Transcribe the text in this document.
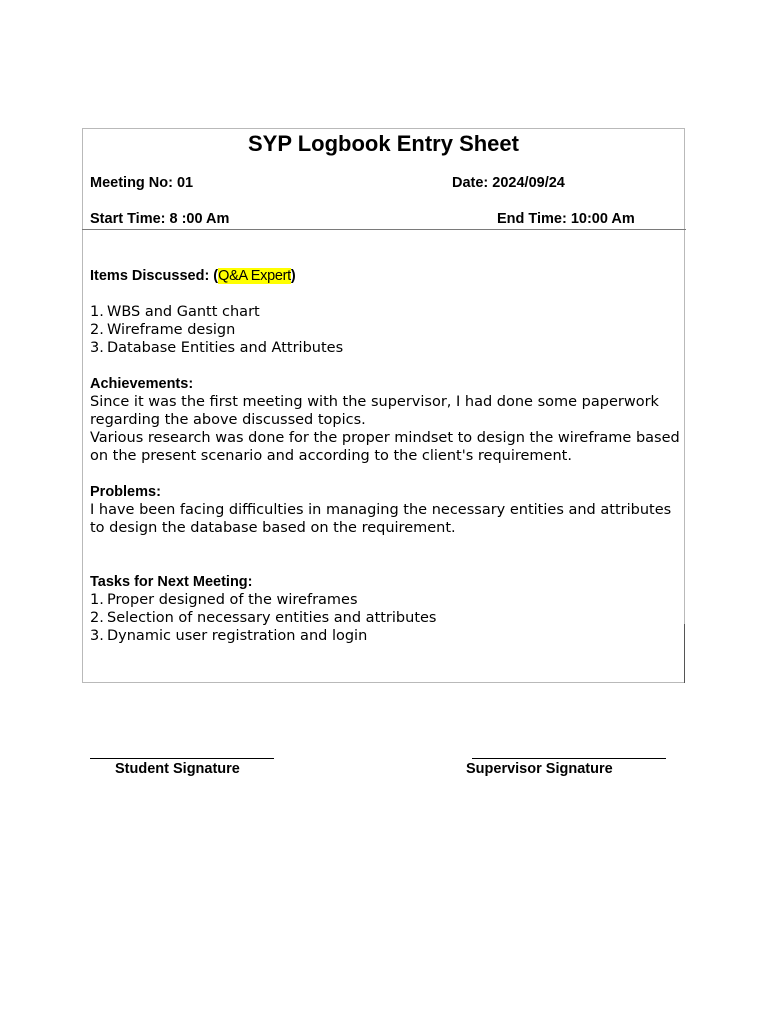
SYP Logbook Entry Sheet
Meeting No: 01	Date: 2024/09/24
Start Time: 8 :00 Am	End Time: 10:00 Am
Items Discussed: (Q&A Expert)
1. WBS and Gantt chart
2. Wireframe design
3. Database Entities and Attributes
Achievements:

Since it was the first meeting with the supervisor, I had done some paperwork regarding the above discussed topics.

Various research was done for the proper mindset to design the wireframe based on the present scenario and according to the client's requirement.

Problems:

I have been facing difficulties in managing the necessary entities and attributes to design the database based on the requirement.

Tasks for Next Meeting:
1. Proper designed of the wireframes
2. Selection of necessary entities and attributes
3. Dynamic user registration and login
Student Signature	Supervisor Signature
